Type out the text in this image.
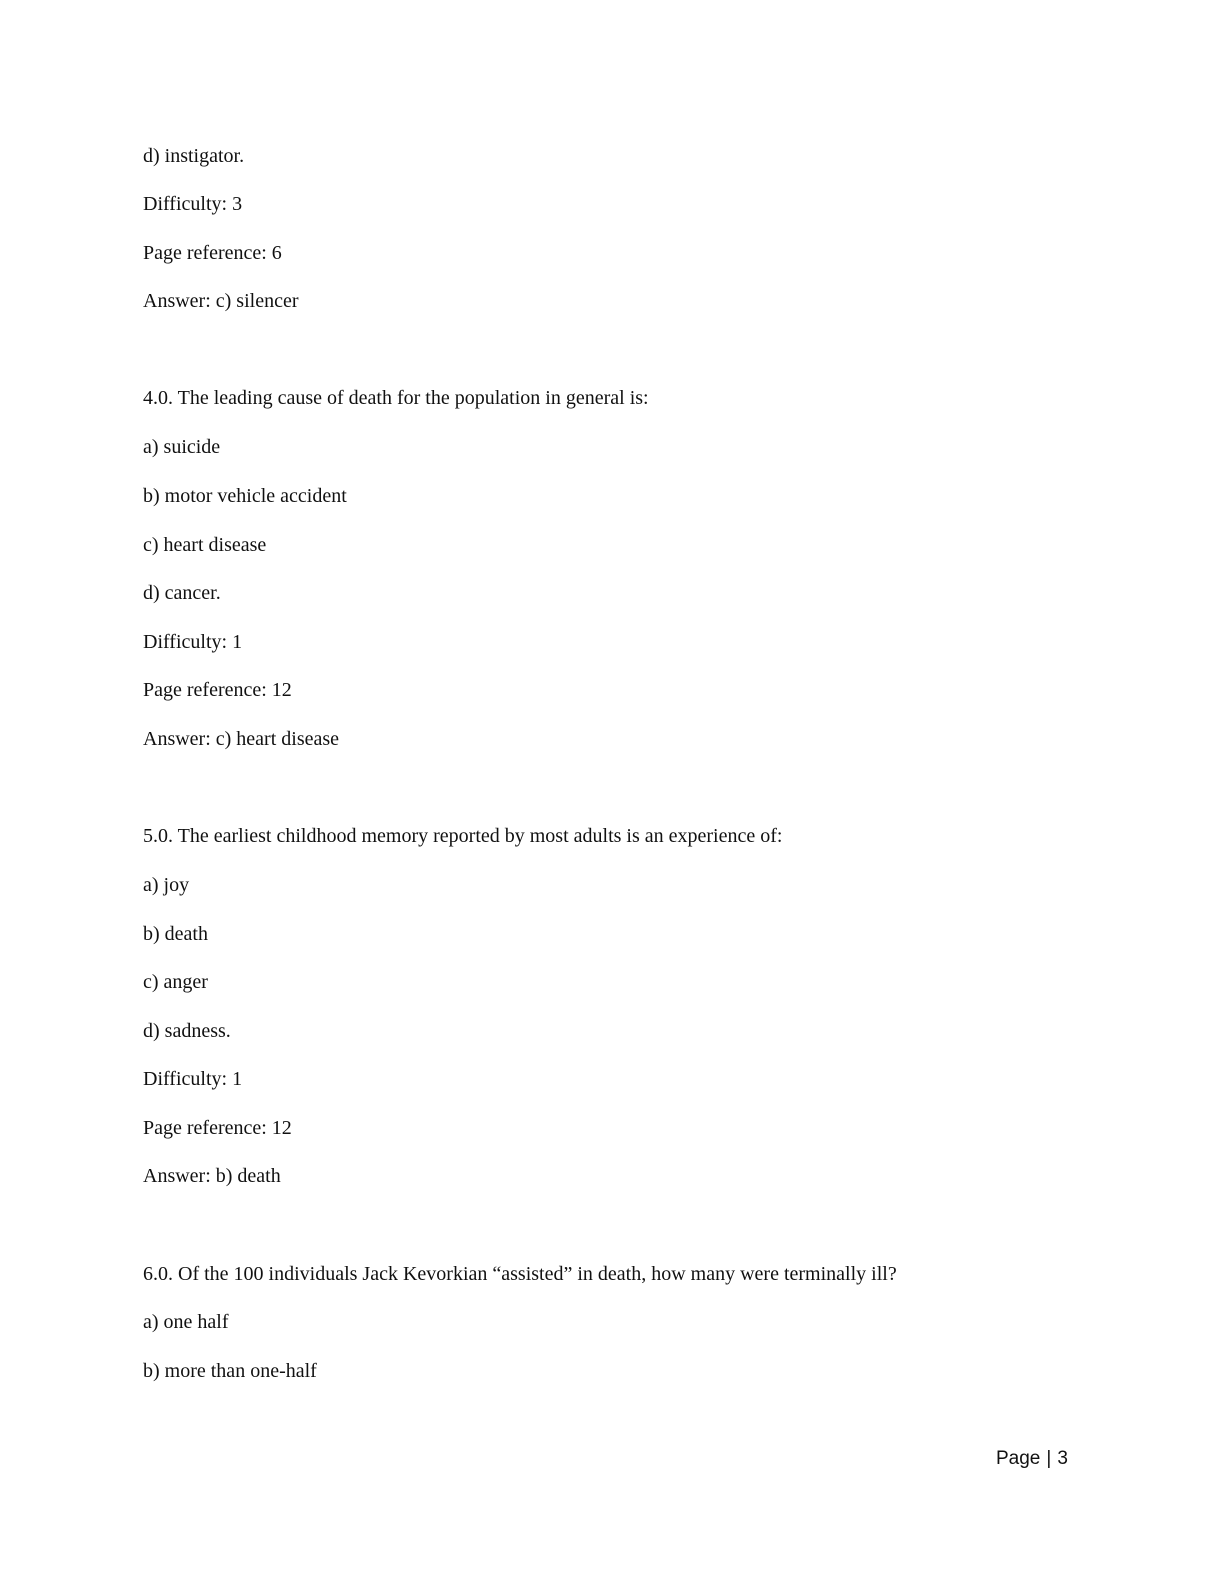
d) instigator.
Difficulty: 3
Page reference: 6
Answer: c) silencer
4.0. The leading cause of death for the population in general is:
a) suicide
b) motor vehicle accident
c) heart disease
d) cancer.
Difficulty: 1
Page reference: 12
Answer: c) heart disease
5.0. The earliest childhood memory reported by most adults is an experience of:
a) joy
b) death
c) anger
d) sadness.
Difficulty: 1
Page reference: 12
Answer: b) death
6.0. Of the 100 individuals Jack Kevorkian “assisted” in death, how many were terminally ill?
a) one half
b) more than one-half
Page | 3
